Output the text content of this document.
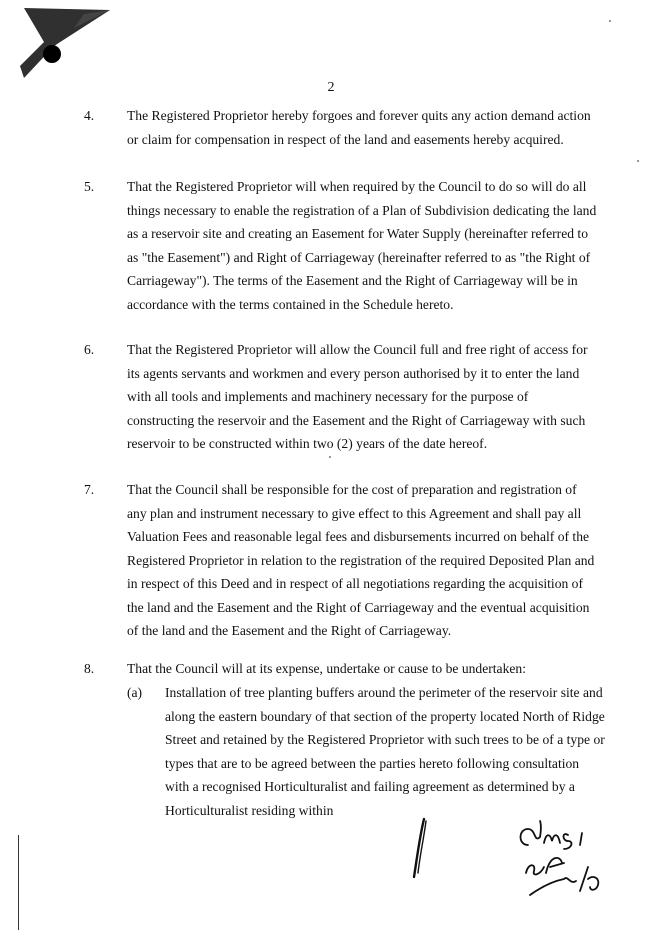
2
4. The Registered Proprietor hereby forgoes and forever quits any action demand action or claim for compensation in respect of the land and easements hereby acquired.
5. That the Registered Proprietor will when required by the Council to do so will do all things necessary to enable the registration of a Plan of Subdivision dedicating the land as a reservoir site and creating an Easement for Water Supply (hereinafter referred to as "the Easement") and Right of Carriageway (hereinafter referred to as "the Right of Carriageway"). The terms of the Easement and the Right of Carriageway will be in accordance with the terms contained in the Schedule hereto.
6. That the Registered Proprietor will allow the Council full and free right of access for its agents servants and workmen and every person authorised by it to enter the land with all tools and implements and machinery necessary for the purpose of constructing the reservoir and the Easement and the Right of Carriageway with such reservoir to be constructed within two (2) years of the date hereof.
7. That the Council shall be responsible for the cost of preparation and registration of any plan and instrument necessary to give effect to this Agreement and shall pay all Valuation Fees and reasonable legal fees and disbursements incurred on behalf of the Registered Proprietor in relation to the registration of the required Deposited Plan and in respect of this Deed and in respect of all negotiations regarding the acquisition of the land and the Easement and the Right of Carriageway and the eventual acquisition of the land and the Easement and the Right of Carriageway.
8. That the Council will at its expense, undertake or cause to be undertaken:
(a) Installation of tree planting buffers around the perimeter of the reservoir site and along the eastern boundary of that section of the property located North of Ridge Street and retained by the Registered Proprietor with such trees to be of a type or types that are to be agreed between the parties hereto following consultation with a recognised Horticulturalist and failing agreement as determined by a Horticulturalist residing within
